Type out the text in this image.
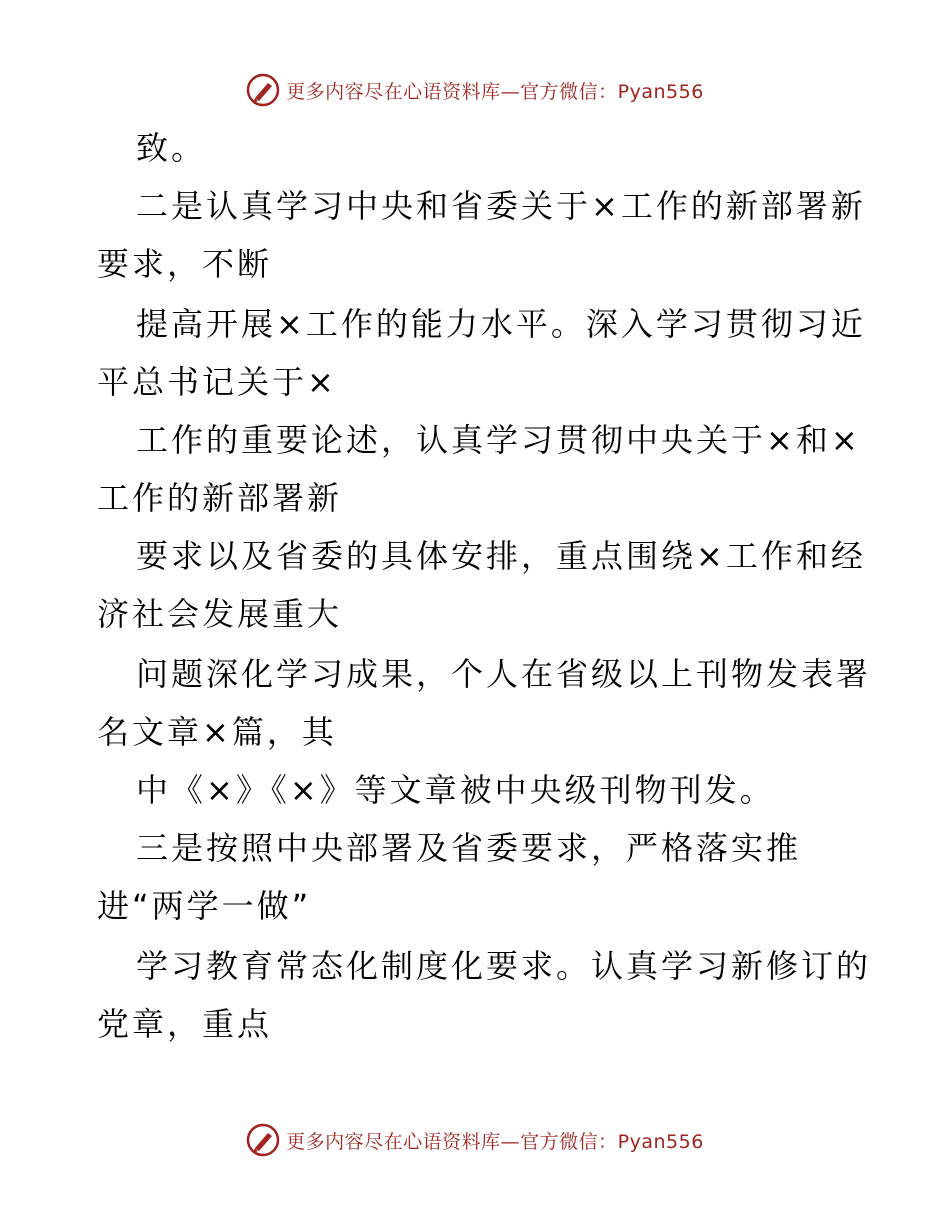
更多内容尽在心语资料库—官方微信：Pyan556
致。
二是认真学习中央和省委关于×工作的新部署新
要求，不断
提高开展×工作的能力水平。深入学习贯彻习近
平总书记关于×
工作的重要论述，认真学习贯彻中央关于×和×
工作的新部署新
要求以及省委的具体安排，重点围绕×工作和经
济社会发展重大
问题深化学习成果，个人在省级以上刊物发表署
名文章×篇，其
中《×》《×》等文章被中央级刊物刊发。
三是按照中央部署及省委要求，严格落实推
进“两学一做”
学习教育常态化制度化要求。认真学习新修订的
党章，重点
更多内容尽在心语资料库—官方微信：Pyan556
